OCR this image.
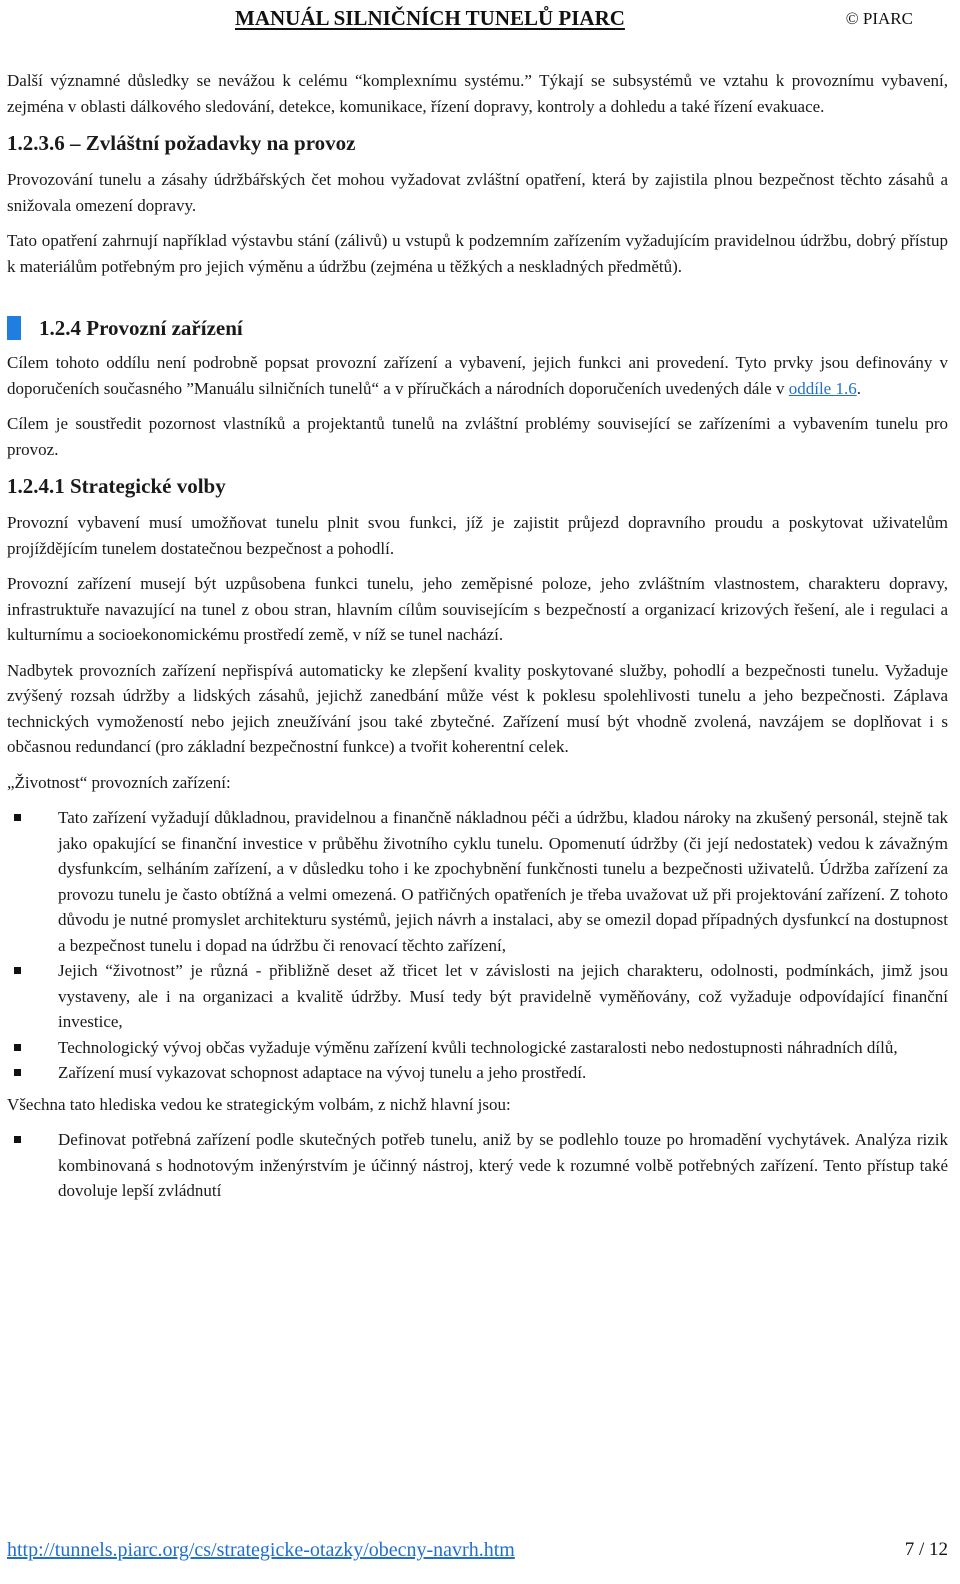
MANUÁL SILNIČNÍCH TUNELŮ PIARC	© PIARC

Další významné důsledky se nevážou k celému “komplexnímu systému.” Týkají se subsystémů ve vztahu k provoznímu vybavení, zejména v oblasti dálkového sledování, detekce, komunikace, řízení dopravy, kontroly a dohledu a také řízení evakuace.

1.2.3.6 – Zvláštní požadavky na provoz

Provozování tunelu a zásahy údržbářských čet mohou vyžadovat zvláštní opatření, která by zajistila plnou bezpečnost těchto zásahů a snižovala omezení dopravy.

Tato opatření zahrnují například výstavbu stání (zálivů) u vstupů k podzemním zařízením vyžadujícím pravidelnou údržbu, dobrý přístup k materiálům potřebným pro jejich výměnu a údržbu (zejména u těžkých a neskladných předmětů).

1.2.4 Provozní zařízení

Cílem tohoto oddílu není podrobně popsat provozní zařízení a vybavení, jejich funkci ani provedení. Tyto prvky jsou definovány v doporučeních současného ”Manuálu silničních tunelů“ a v příručkách a národních doporučeních uvedených dále v oddíle 1.6.

Cílem je soustředit pozornost vlastníků a projektantů tunelů na zvláštní problémy související se zařízeními a vybavením tunelu pro provoz.

1.2.4.1 Strategické volby

Provozní vybavení musí umožňovat tunelu plnit svou funkci, jíž je zajistit průjezd dopravního proudu a poskytovat uživatelům projíždějícím tunelem dostatečnou bezpečnost a pohodlí.

Provozní zařízení musejí být uzpůsobena funkci tunelu, jeho zeměpisné poloze, jeho zvláštním vlastnostem, charakteru dopravy, infrastruktuře navazující na tunel z obou stran, hlavním cílům souvisejícím s bezpečností a organizací krizových řešení, ale i regulaci a kulturnímu a socioekonomickému prostředí země, v níž se tunel nachází.

Nadbytek provozních zařízení nepřispívá automaticky ke zlepšení kvality poskytované služby, pohodlí a bezpečnosti tunelu. Vyžaduje zvýšený rozsah údržby a lidských zásahů, jejichž zanedbání může vést k poklesu spolehlivosti tunelu a jeho bezpečnosti. Záplava technických vymožeností nebo jejich zneužívání jsou také zbytečné. Zařízení musí být vhodně zvolená, navzájem se doplňovat i s občasnou redundancí (pro základní bezpečnostní funkce) a tvořit koherentní celek.

„Životnost“ provozních zařízení:

Tato zařízení vyžadují důkladnou, pravidelnou a finančně nákladnou péči a údržbu, kladou nároky na zkušený personál, stejně tak jako opakující se finanční investice v průběhu životního cyklu tunelu. Opomenutí údržby (či její nedostatek) vedou k závažným dysfunkcím, selháním zařízení, a v důsledku toho i ke zpochybnění funkčnosti tunelu a bezpečnosti uživatelů. Údržba zařízení za provozu tunelu je často obtížná a velmi omezená. O patřičných opatřeních je třeba uvažovat už při projektování zařízení. Z tohoto důvodu je nutné promyslet architekturu systémů, jejich návrh a instalaci, aby se omezil dopad případných dysfunkcí na dostupnost a bezpečnost tunelu i dopad na údržbu či renovací těchto zařízení,
Jejich “životnost” je různá - přibližně deset až třicet let v závislosti na jejich charakteru, odolnosti, podmínkách, jimž jsou vystaveny, ale i na organizaci a kvalitě údržby. Musí tedy být pravidelně vyměňovány, což vyžaduje odpovídající finanční investice,
Technologický vývoj občas vyžaduje výměnu zařízení kvůli technologické zastaralosti nebo nedostupnosti náhradních dílů,
Zařízení musí vykazovat schopnost adaptace na vývoj tunelu a jeho prostředí.

Všechna tato hlediska vedou ke strategickým volbám, z nichž hlavní jsou:

Definovat potřebná zařízení podle skutečných potřeb tunelu, aniž by se podlehlo touze po hromadění vychytávek. Analýza rizik kombinovaná s hodnotovým inženýrstvím je účinný nástroj, který vede k rozumné volbě potřebných zařízení. Tento přístup také dovoluje lepší zvládnutí
http://tunnels.piarc.org/cs/strategicke-otazky/obecny-navrh.htm	7 / 12
